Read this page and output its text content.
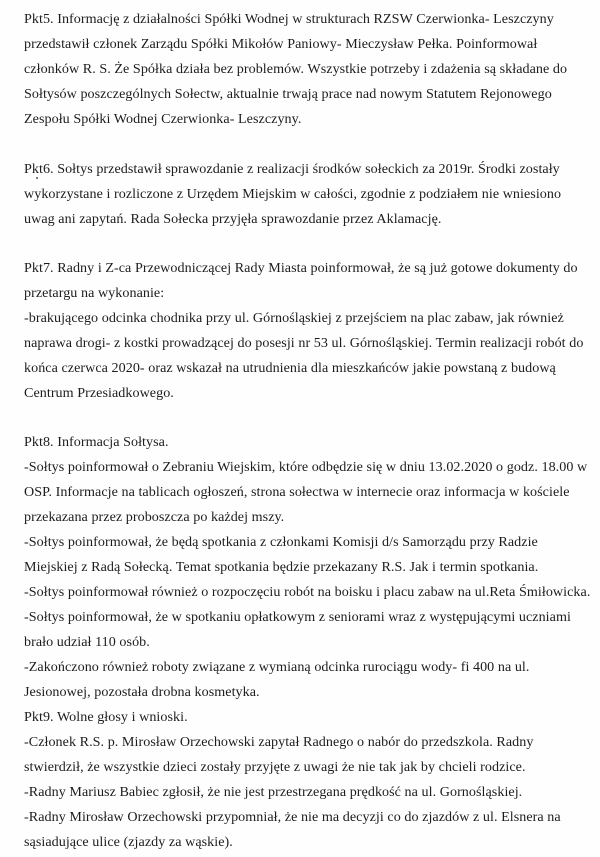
Pkt5. Informację z działalności Spółki Wodnej w strukturach RZSW Czerwionka- Leszczyny
przedstawił członek Zarządu Spółki Mikołów Paniowy- Mieczysław Pełka. Poinformował
członków R. S. Że Spółka działa bez problemów. Wszystkie potrzeby i zdażenia są składane do
Sołtysów poszczególnych Sołectw, aktualnie trwają prace nad nowym Statutem Rejonowego
Zespołu Spółki Wodnej Czerwionka- Leszczyny.
Pkt6. Sołtys przedstawił sprawozdanie z realizacji środków sołeckich za 2019r. Środki zostały
wykorzystane i rozliczone z Urzędem Miejskim w całości, zgodnie z podziałem nie wniesiono
uwag ani zapytań. Rada Sołecka przyjęła sprawozdanie przez Aklamację.
Pkt7. Radny i Z-ca Przewodniczącej Rady Miasta poinformował, że są już gotowe dokumenty do
przetargu na wykonanie:
-brakującego odcinka chodnika przy ul. Górnośląskiej z przejściem na plac zabaw, jak również
naprawa drogi- z kostki prowadzącej do posesji nr 53 ul. Górnośląskiej. Termin realizacji robót do
końca czerwca 2020- oraz wskazał na utrudnienia dla mieszkańców jakie powstaną z budową
Centrum Przesiadkowego.
Pkt8. Informacja Sołtysa.
-Sołtys poinformował o Zebraniu Wiejskim, które odbędzie się w dniu 13.02.2020 o godz. 18.00 w
OSP. Informacje na tablicach ogłoszeń, strona sołectwa w internecie oraz informacja w kościele
przekazana przez proboszcza po każdej mszy.
-Sołtys poinformował, że będą spotkania z członkami Komisji d/s Samorządu przy Radzie
Miejskiej z Radą Sołecką. Temat spotkania będzie przekazany R.S. Jak i termin spotkania.
-Sołtys poinformował również o rozpoczęciu robót na boisku i placu zabaw na ul.Reta Śmiłowicka.
-Sołtys poinformował, że w spotkaniu opłatkowym z seniorami wraz z występującymi uczniami
brało udział 110 osób.
-Zakończono również roboty związane z wymianą odcinka rurociągu wody- fi 400 na ul.
Jesionowej, pozostała drobna kosmetyka.
Pkt9. Wolne głosy i wnioski.
-Członek R.S. p. Mirosław Orzechowski zapytał Radnego o nabór do przedszkola. Radny
stwierdził, że wszystkie dzieci zostały przyjęte z uwagi że nie tak jak by chcieli rodzice.
-Radny Mariusz Babiec zgłosił, że nie jest przestrzegana prędkość na ul. Gornośląskiej.
-Radny Mirosław Orzechowski przypomniał, że nie ma decyzji co do zjazdów z ul. Elsnera na
sąsiadujące ulice (zjazdy za wąskie).
